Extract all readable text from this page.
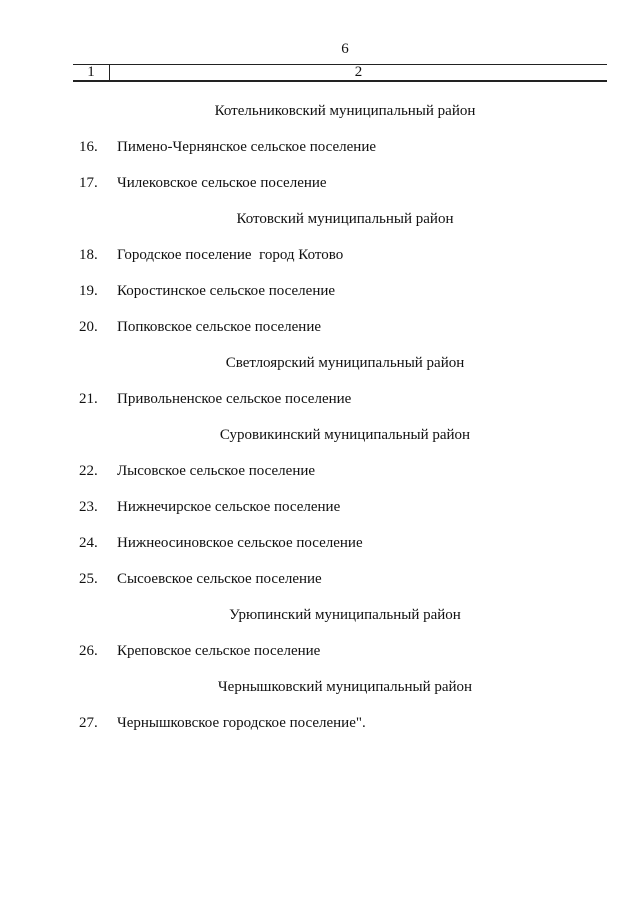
6
1	2
Котельниковский муниципальный район
16.	Пимено-Чернянское сельское поселение
17.	Чилековское сельское поселение
Котовский муниципальный район
18.	Городское поселение  город Котово
19.	Коростинское сельское поселение
20.	Попковское сельское поселение
Светлоярский муниципальный район
21.	Привольненское сельское поселение
Суровикинский муниципальный район
22.	Лысовское сельское поселение
23.	Нижнечирское сельское поселение
24.	Нижнеосиновское сельское поселение
25.	Сысоевское сельское поселение
Урюпинский муниципальный район
26.	Креповское сельское поселение
Чернышковский муниципальный район
27.	Чернышковское городское поселение".
